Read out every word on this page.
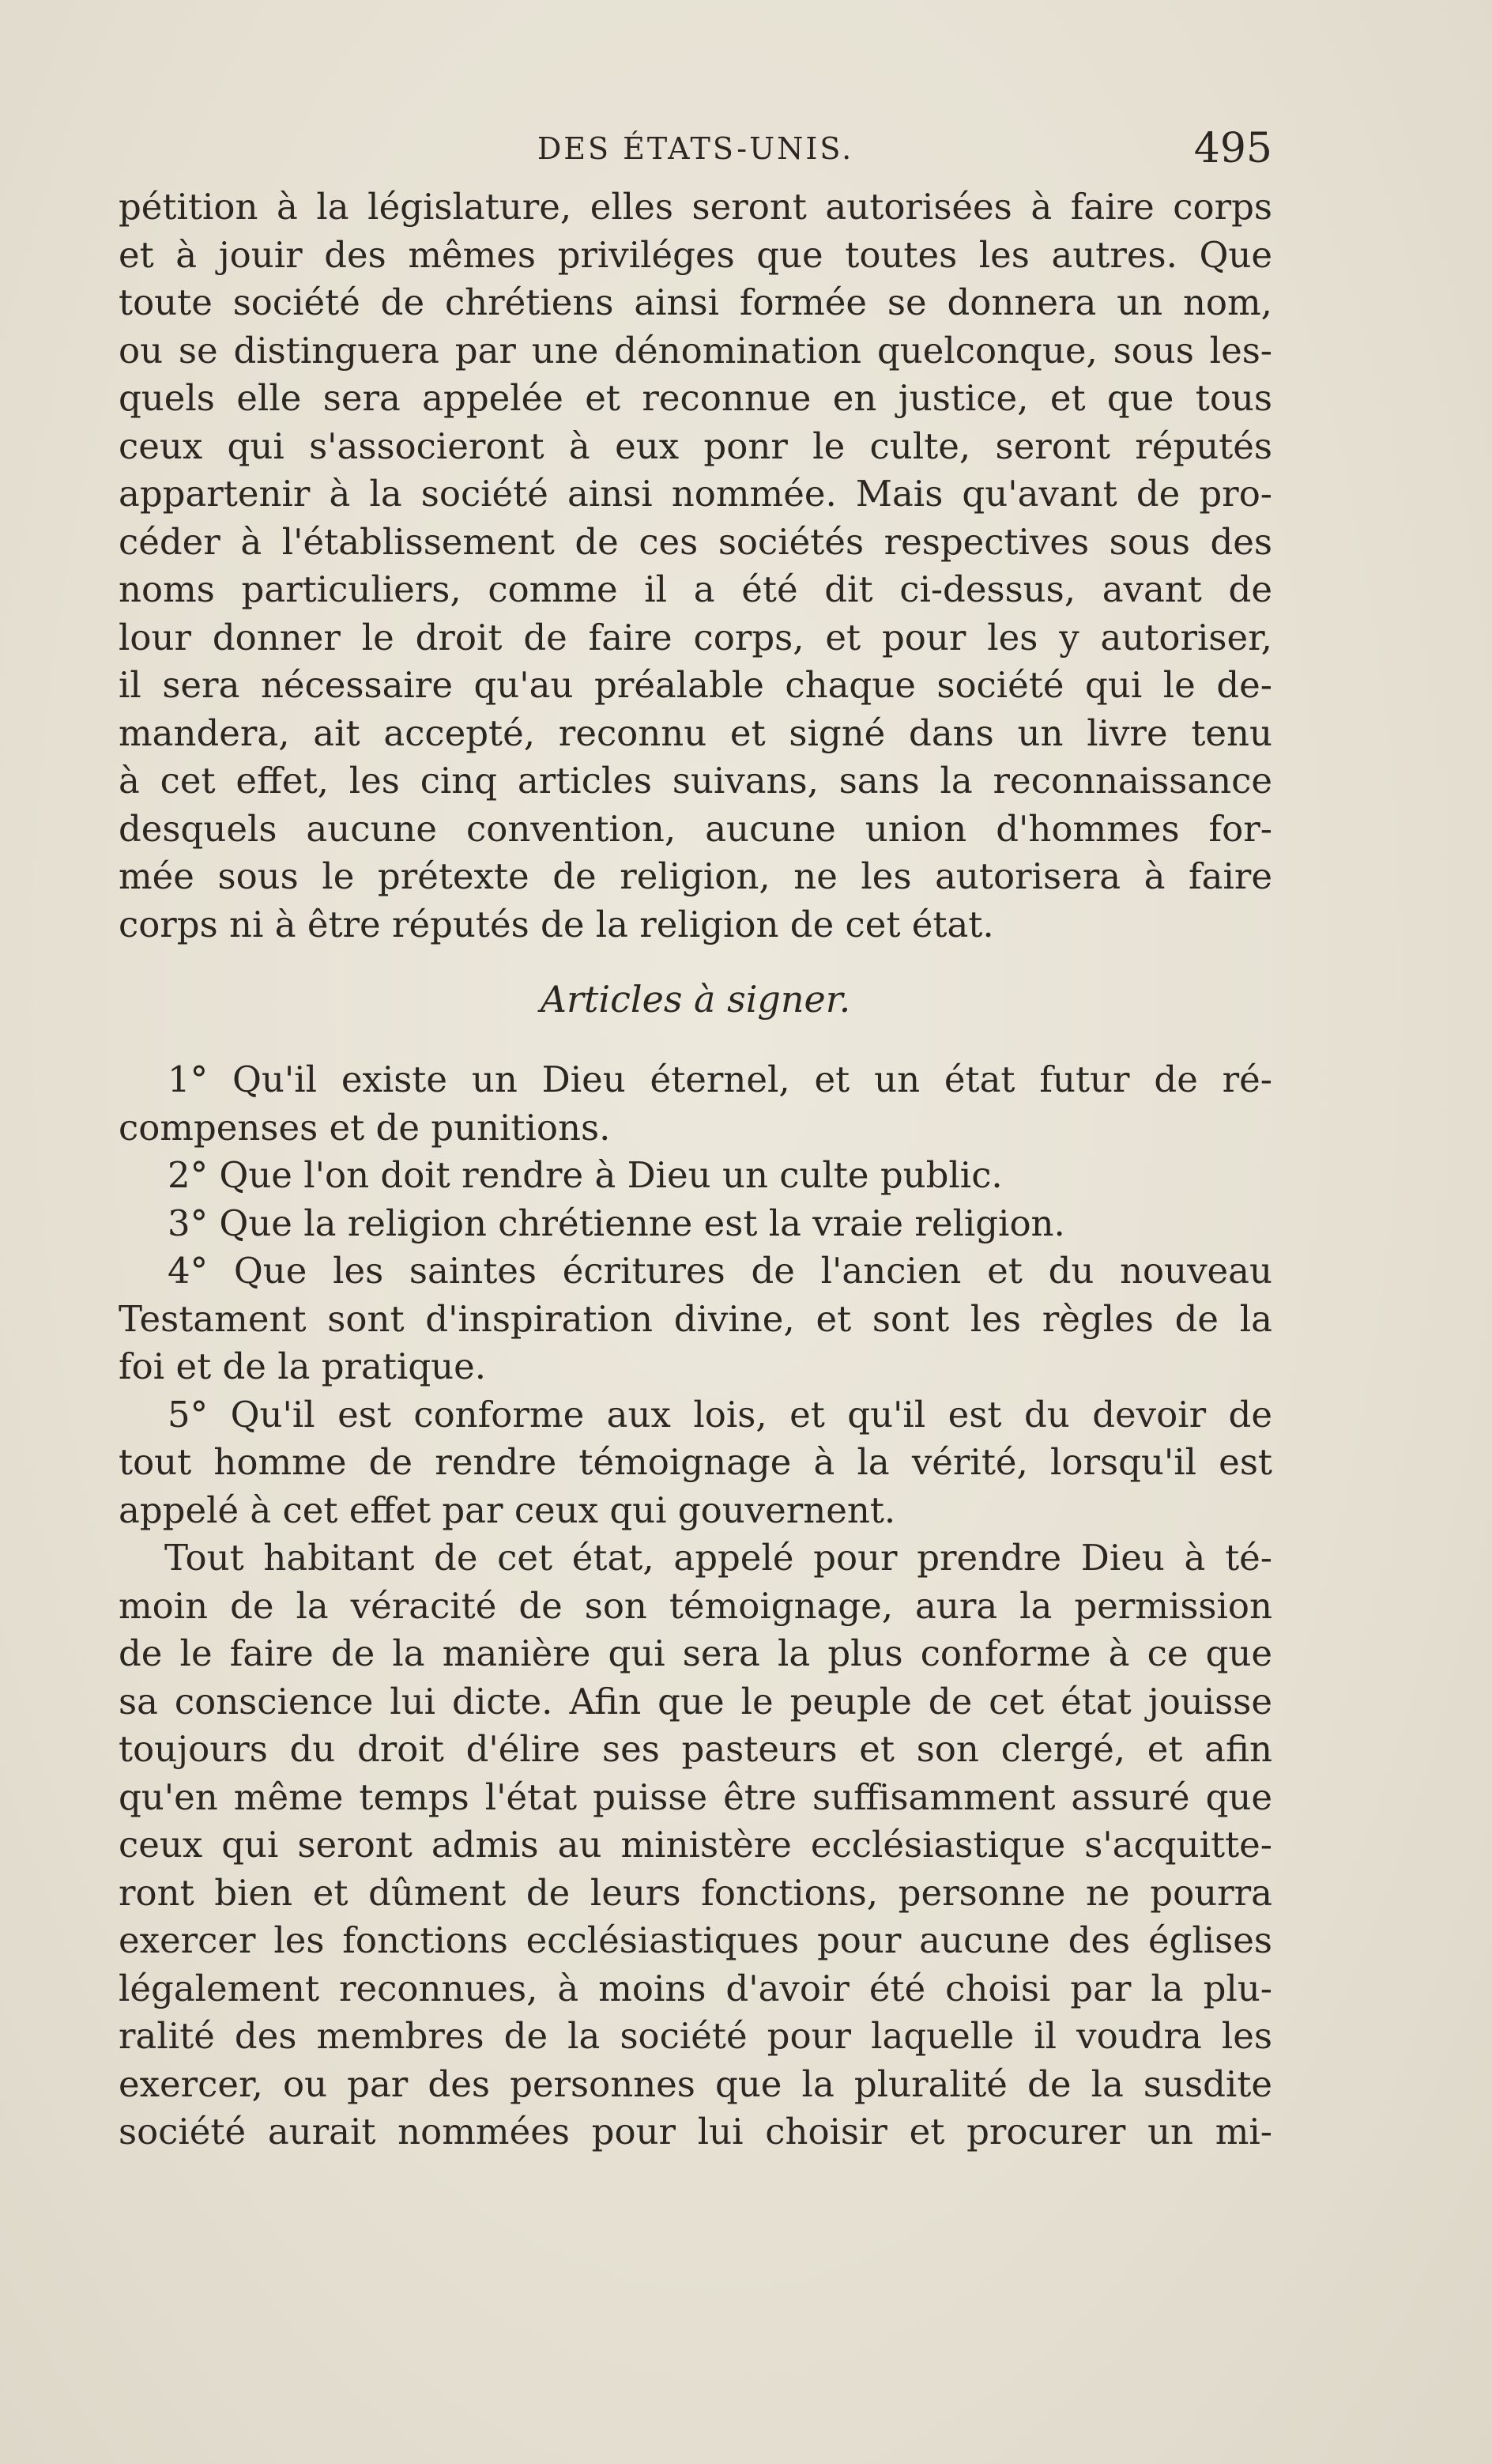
DES ÉTATS-UNIS.	495
pétition à la législature, elles seront autorisées à faire corps
et à jouir des mêmes priviléges que toutes les autres. Que
toute société de chrétiens ainsi formée se donnera un nom,
ou se distinguera par une dénomination quelconque, sous les-
quels elle sera appelée et reconnue en justice, et que tous
ceux qui s'associeront à eux ponr le culte, seront réputés
appartenir à la société ainsi nommée. Mais qu'avant de pro-
céder à l'établissement de ces sociétés respectives sous des
noms particuliers, comme il a été dit ci-dessus, avant de
lour donner le droit de faire corps, et pour les y autoriser,
il sera nécessaire qu'au préalable chaque société qui le de-
mandera, ait accepté, reconnu et signé dans un livre tenu
à cet effet, les cinq articles suivans, sans la reconnaissance
desquels aucune convention, aucune union d'hommes for-
mée sous le prétexte de religion, ne les autorisera à faire
corps ni à être réputés de la religion de cet état.
Articles à signer.
1° Qu'il existe un Dieu éternel, et un état futur de ré-
compenses et de punitions.
2° Que l'on doit rendre à Dieu un culte public.
3° Que la religion chrétienne est la vraie religion.
4° Que les saintes écritures de l'ancien et du nouveau
Testament sont d'inspiration divine, et sont les règles de la
foi et de la pratique.
5° Qu'il est conforme aux lois, et qu'il est du devoir de
tout homme de rendre témoignage à la vérité, lorsqu'il est
appelé à cet effet par ceux qui gouvernent.
Tout habitant de cet état, appelé pour prendre Dieu à té-
moin de la véracité de son témoignage, aura la permission
de le faire de la manière qui sera la plus conforme à ce que
sa conscience lui dicte. Afin que le peuple de cet état jouisse
toujours du droit d'élire ses pasteurs et son clergé, et afin
qu'en même temps l'état puisse être suffisamment assuré que
ceux qui seront admis au ministère ecclésiastique s'acquitte-
ront bien et dûment de leurs fonctions, personne ne pourra
exercer les fonctions ecclésiastiques pour aucune des églises
légalement reconnues, à moins d'avoir été choisi par la plu-
ralité des membres de la société pour laquelle il voudra les
exercer, ou par des personnes que la pluralité de la susdite
société aurait nommées pour lui choisir et procurer un mi-
